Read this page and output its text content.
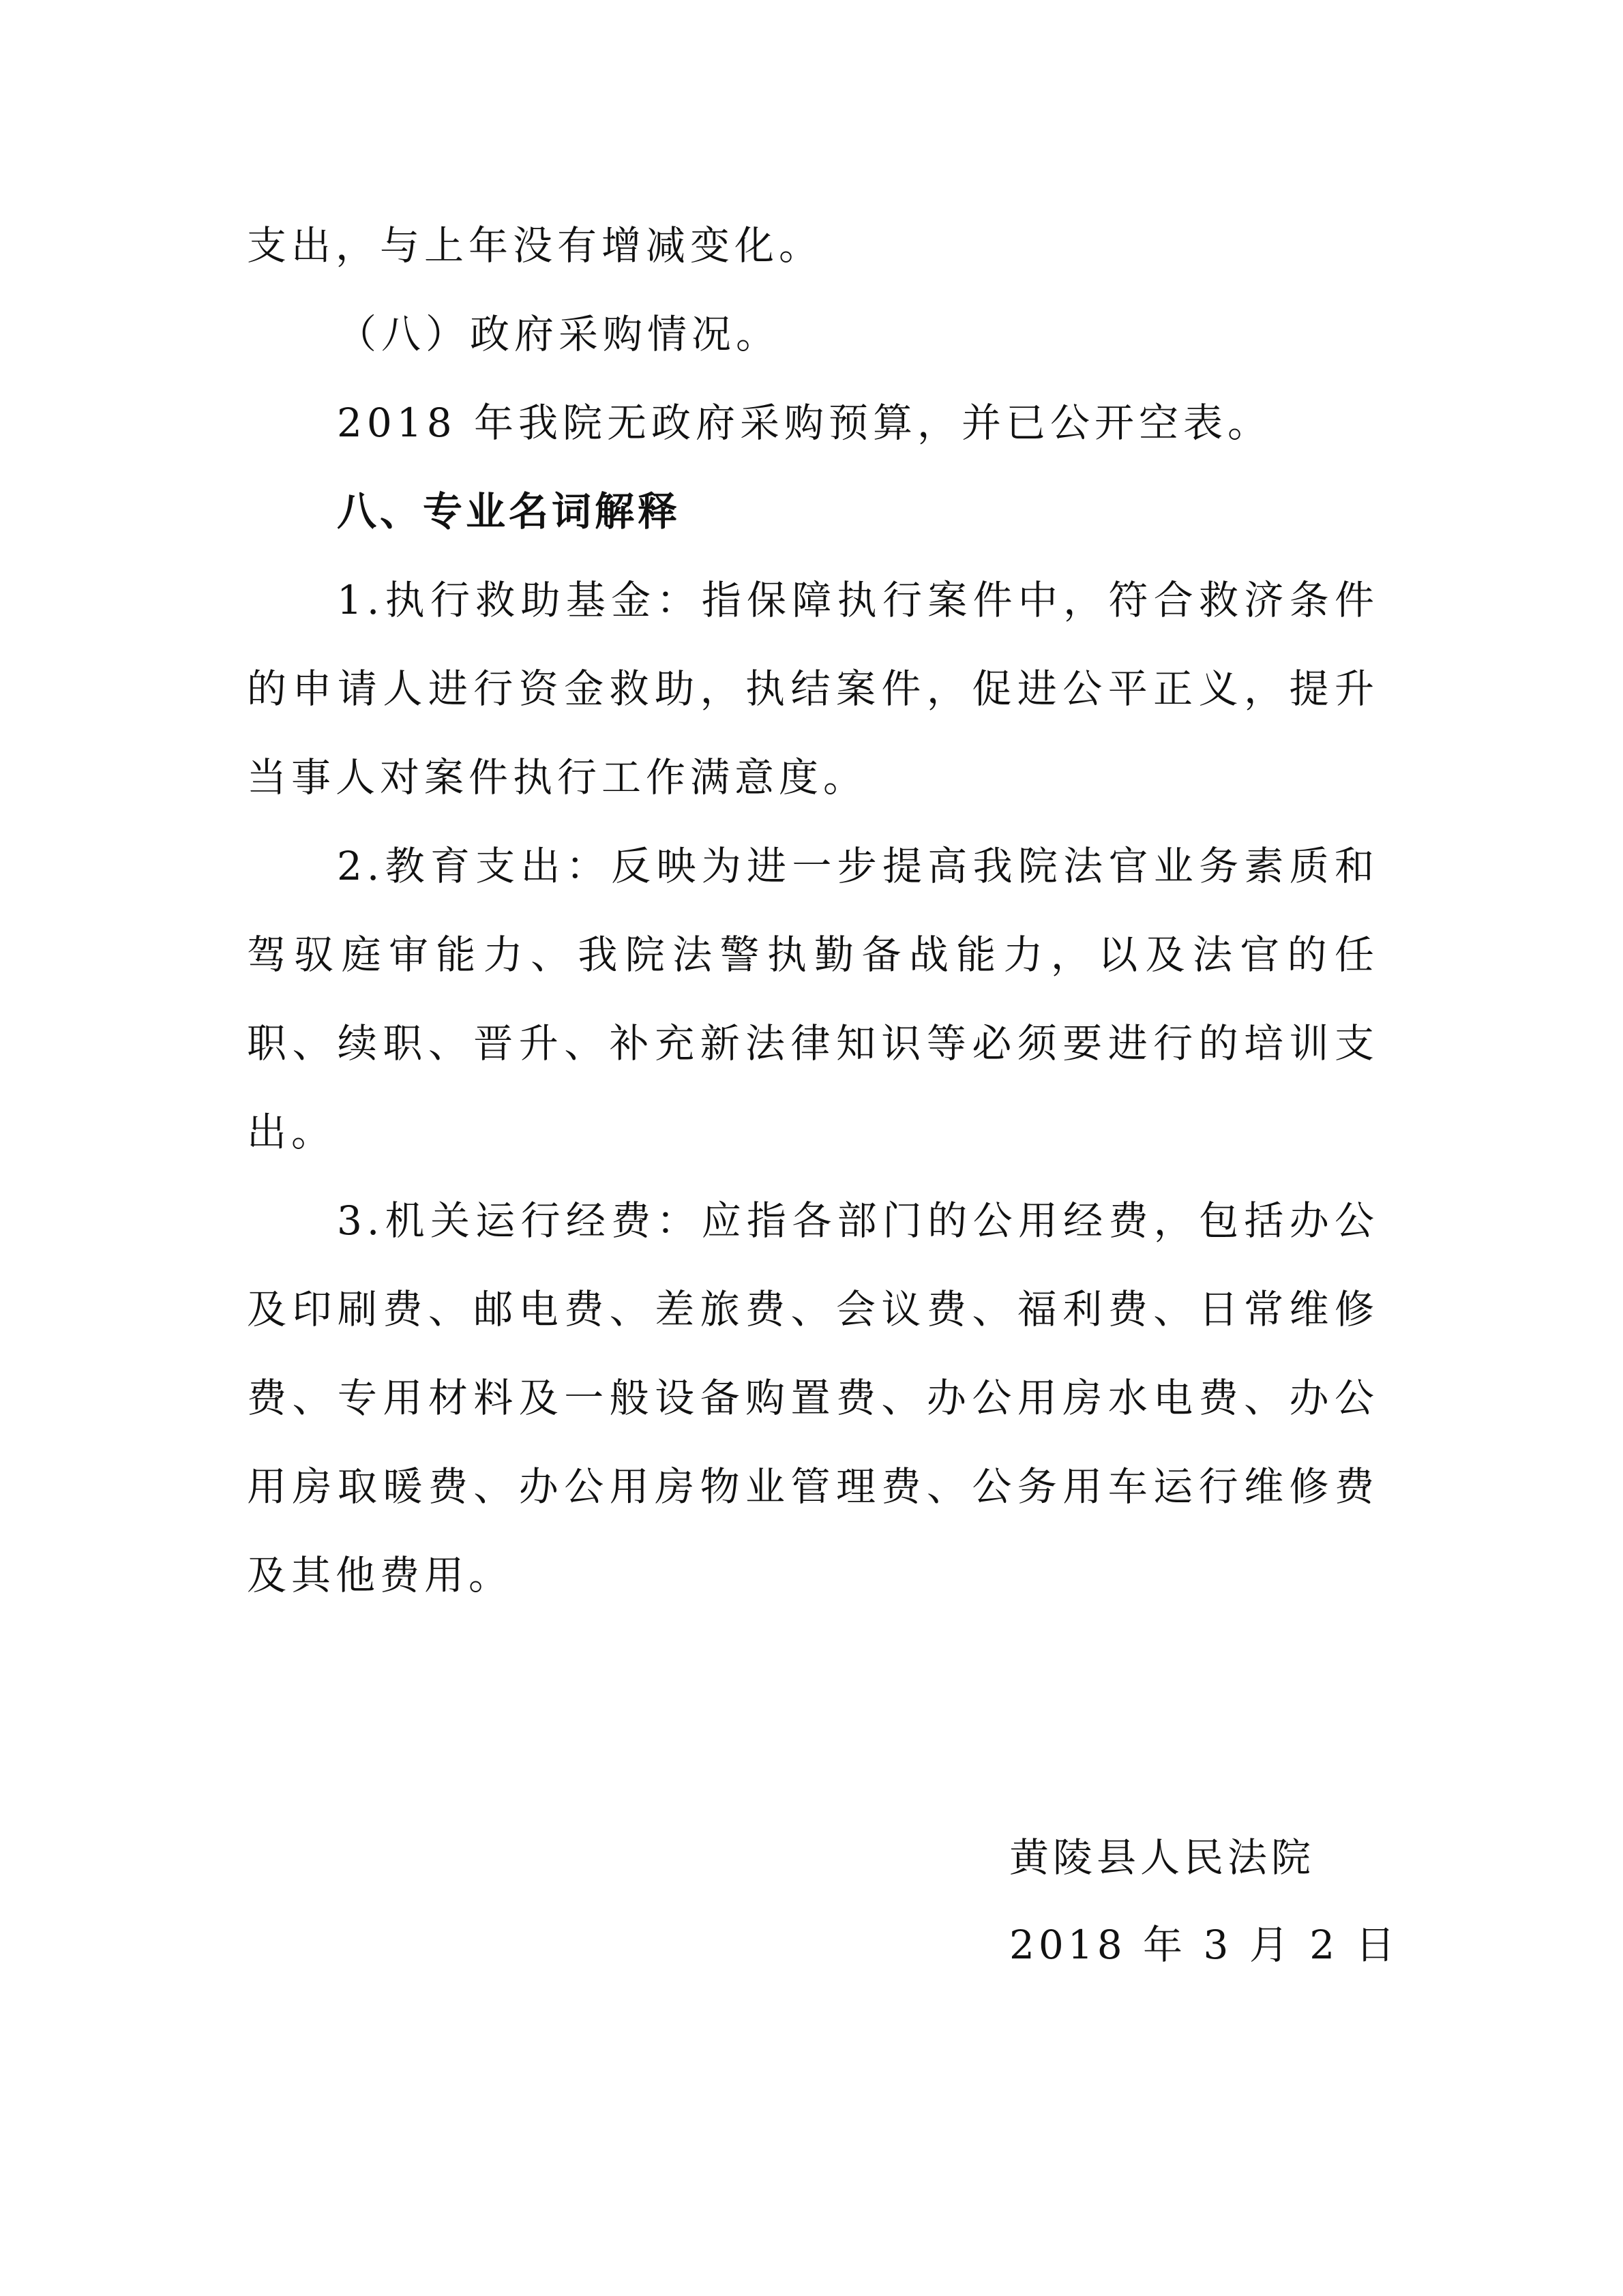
支出，与上年没有增减变化。

（八）政府采购情况。

2018 年我院无政府采购预算，并已公开空表。

八、专业名词解释

1.执行救助基金：指保障执行案件中，符合救济条件的申请人进行资金救助，执结案件，促进公平正义，提升当事人对案件执行工作满意度。

2.教育支出：反映为进一步提高我院法官业务素质和驾驭庭审能力、我院法警执勤备战能力，以及法官的任职、续职、晋升、补充新法律知识等必须要进行的培训支出。

3.机关运行经费：应指各部门的公用经费，包括办公及印刷费、邮电费、差旅费、会议费、福利费、日常维修费、专用材料及一般设备购置费、办公用房水电费、办公用房取暖费、办公用房物业管理费、公务用车运行维修费及其他费用。

黄陵县人民法院
2018 年 3 月 2 日
